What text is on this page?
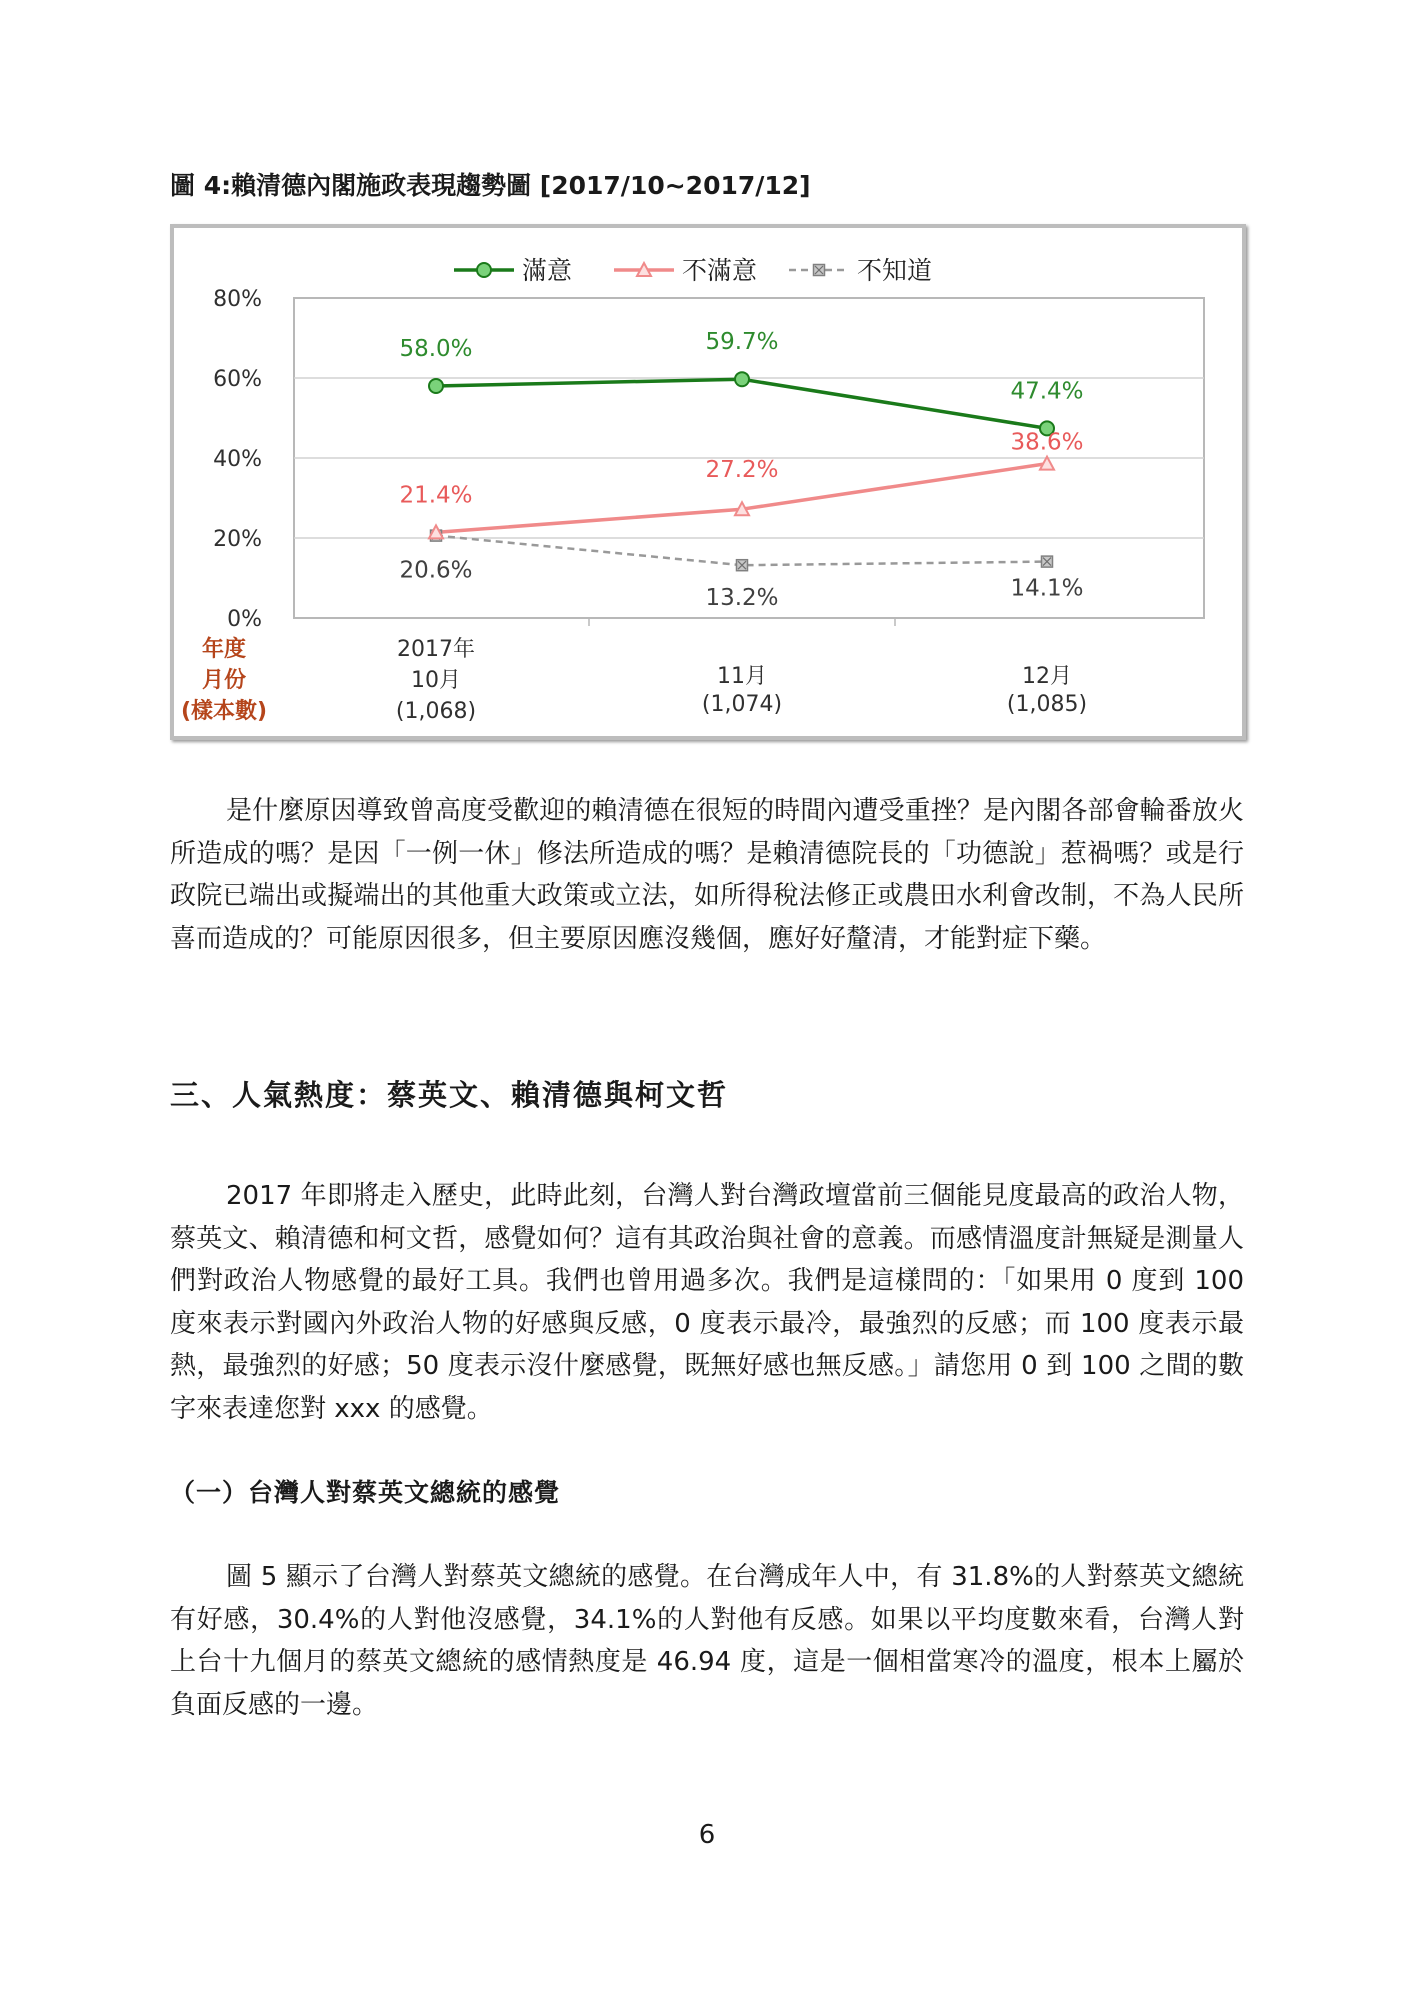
圖 4:賴清德內閣施政表現趨勢圖 [2017/10~2017/12]
0%
20%
40%
60%
80%
年度
月份
(樣本數)
2017年
10月
(1,068)
11月
(1,074)
12月
(1,085)
58.0%	59.7%
47.4%
21.4%
27.2%
38.6%
20.6%
13.2%	14.1%
滿意	不滿意	不知道

是什麼原因導致曾高度受歡迎的賴清德在很短的時間內遭受重挫？是內閣各部會輪番放火所造成的嗎？是因「一例一休」修法所造成的嗎？是賴清德院長的「功德說」惹禍嗎？或是行政院已端出或擬端出的其他重大政策或立法，如所得稅法修正或農田水利會改制，不為人民所喜而造成的？可能原因很多，但主要原因應沒幾個，應好好釐清，才能對症下藥。

三、人氣熱度：蔡英文、賴清德與柯文哲

2017 年即將走入歷史，此時此刻，台灣人對台灣政壇當前三個能見度最高的政治人物，蔡英文、賴清德和柯文哲，感覺如何？這有其政治與社會的意義。而感情溫度計無疑是測量人們對政治人物感覺的最好工具。我們也曾用過多次。我們是這樣問的：「如果用 0 度到 100 度來表示對國內外政治人物的好感與反感，0 度表示最冷，最強烈的反感；而 100 度表示最熱，最強烈的好感；50 度表示沒什麼感覺，既無好感也無反感。」請您用 0 到 100 之間的數字來表達您對 xxx 的感覺。

（一）台灣人對蔡英文總統的感覺

圖 5 顯示了台灣人對蔡英文總統的感覺。在台灣成年人中，有 31.8%的人對蔡英文總統有好感，30.4%的人對他沒感覺，34.1%的人對他有反感。如果以平均度數來看，台灣人對上台十九個月的蔡英文總統的感情熱度是 46.94 度，這是一個相當寒冷的溫度，根本上屬於負面反感的一邊。

6
